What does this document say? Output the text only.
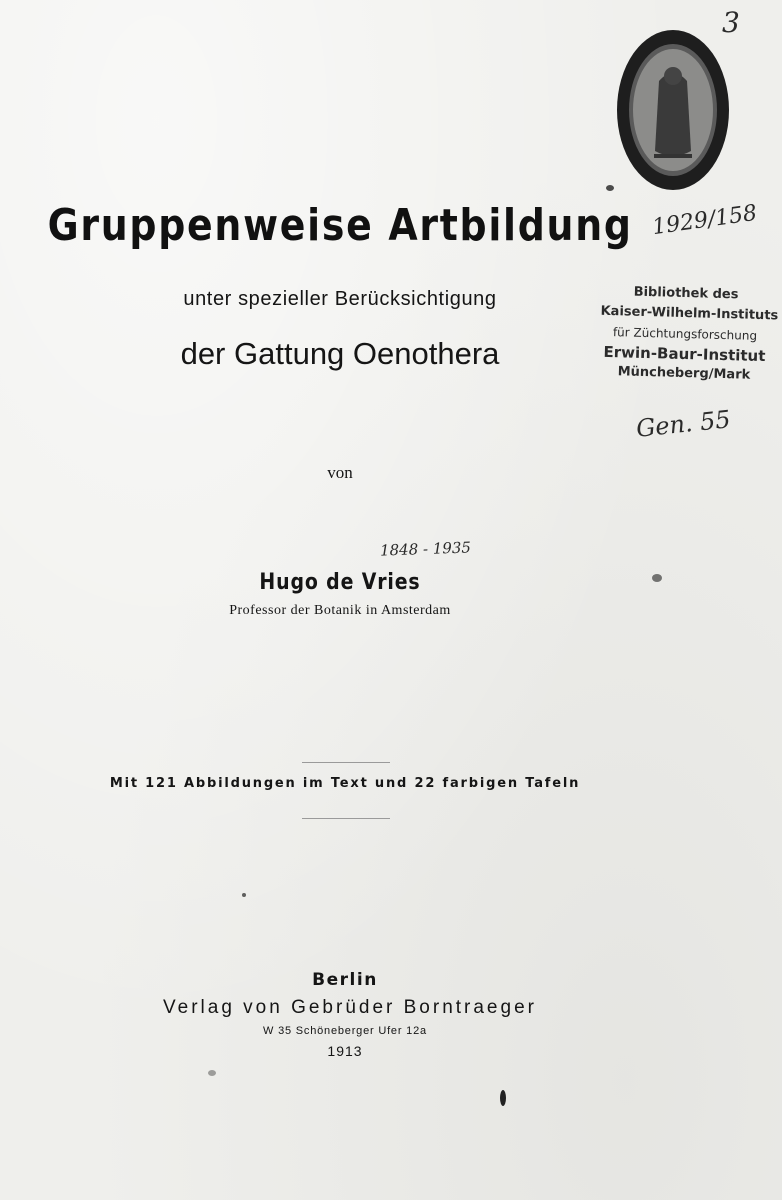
3
1929/158
Gruppenweise Artbildung
unter spezieller Berücksichtigung
der Gattung Oenothera
Bibliothek des
Kaiser-Wilhelm-Instituts
für Züchtungsforschung
Erwin-Baur-Institut
Müncheberg/Mark
Gen. 55
von
1848 - 1935
Hugo de Vries
Professor der Botanik in Amsterdam
Mit 121 Abbildungen im Text und 22 farbigen Tafeln
Berlin
Verlag von Gebrüder Borntraeger
W 35 Schöneberger Ufer 12a
1913
